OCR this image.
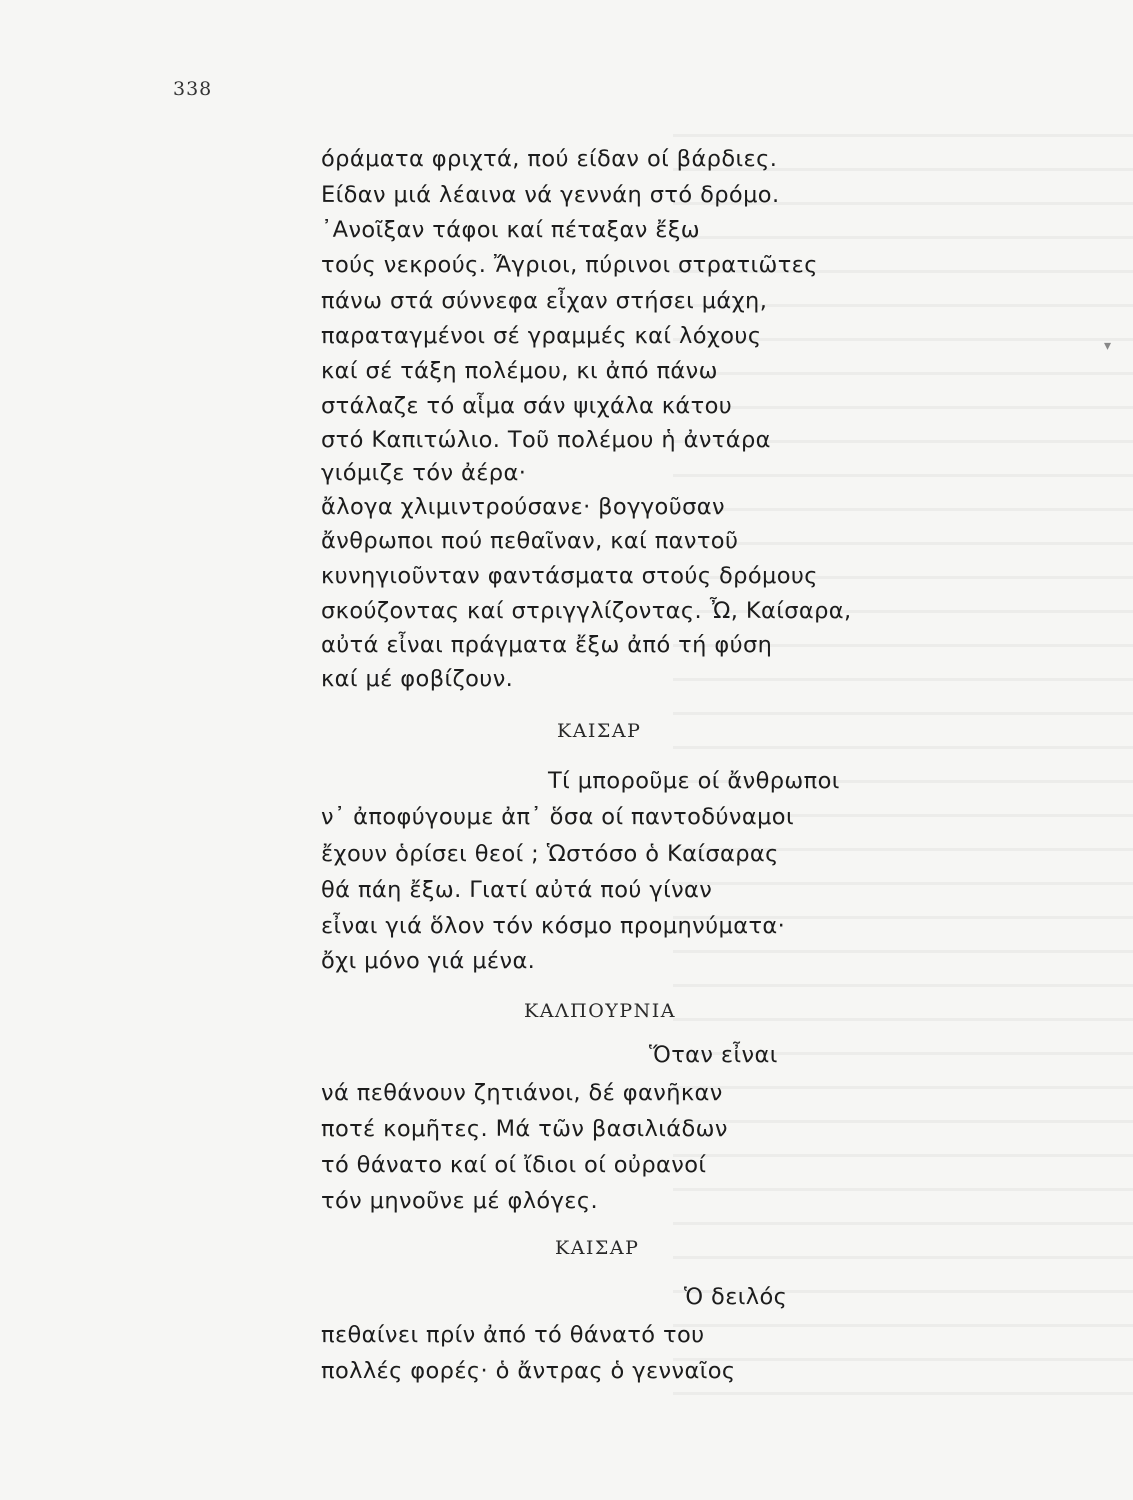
▾
338
όράματα φριχτά, πού είδαν οί βάρδιες.
Είδαν μιά λέαινα νά γεννάη στό δρόμο.
᾿Ανοῖξαν τάφοι καί πέταξαν ἔξω
τούς νεκρούς. Ἄγριοι, πύρινοι στρατιῶτες
πάνω στά σύννεφα εἶχαν στήσει μάχη,
παραταγμένοι σέ γραμμές καί λόχους
καί σέ τάξη πολέμου, κι ἀπό πάνω
στάλαζε τό αἷμα σάν ψιχάλα κάτου
στό Καπιτώλιο. Τοῦ πολέμου ἡ ἀντάρα
γιόμιζε τόν ἀέρα·
ἄλογα χλιμιντρούσανε· βογγοῦσαν
ἄνθρωποι πού πεθαῖναν, καί παντοῦ
κυνηγιοῦνταν φαντάσματα στούς δρόμους
σκούζοντας καί στριγγλίζοντας. Ὦ, Καίσαρα,
αὐτά εἶναι πράγματα ἔξω ἀπό τή φύση
καί μέ φοβίζουν.
ΚΑΙΣΑΡ
Τί μποροῦμε οί ἄνθρωποι
ν᾿ ἀποφύγουμε ἀπ᾿ ὅσα οί παντοδύναμοι
ἔχουν ὁρίσει θεοί ; Ὡστόσο ὁ Καίσαρας
θά πάη ἔξω. Γιατί αὐτά πού γίναν
εἶναι γιά ὅλον τόν κόσμο προμηνύματα·
ὄχι μόνο γιά μένα.
ΚΑΛΠΟΥΡΝΙΑ
Ὅταν εἶναι
νά πεθάνουν ζητιάνοι, δέ φανῆκαν
ποτέ κομῆτες. Μά τῶν βασιλιάδων
τό θάνατο καί οί ἴδιοι οί οὐρανοί
τόν μηνοῦνε μέ φλόγες.
ΚΑΙΣΑΡ
Ὁ δειλός
πεθαίνει πρίν ἀπό τό θάνατό του
πολλές φορές· ὁ ἄντρας ὁ γενναῖος
